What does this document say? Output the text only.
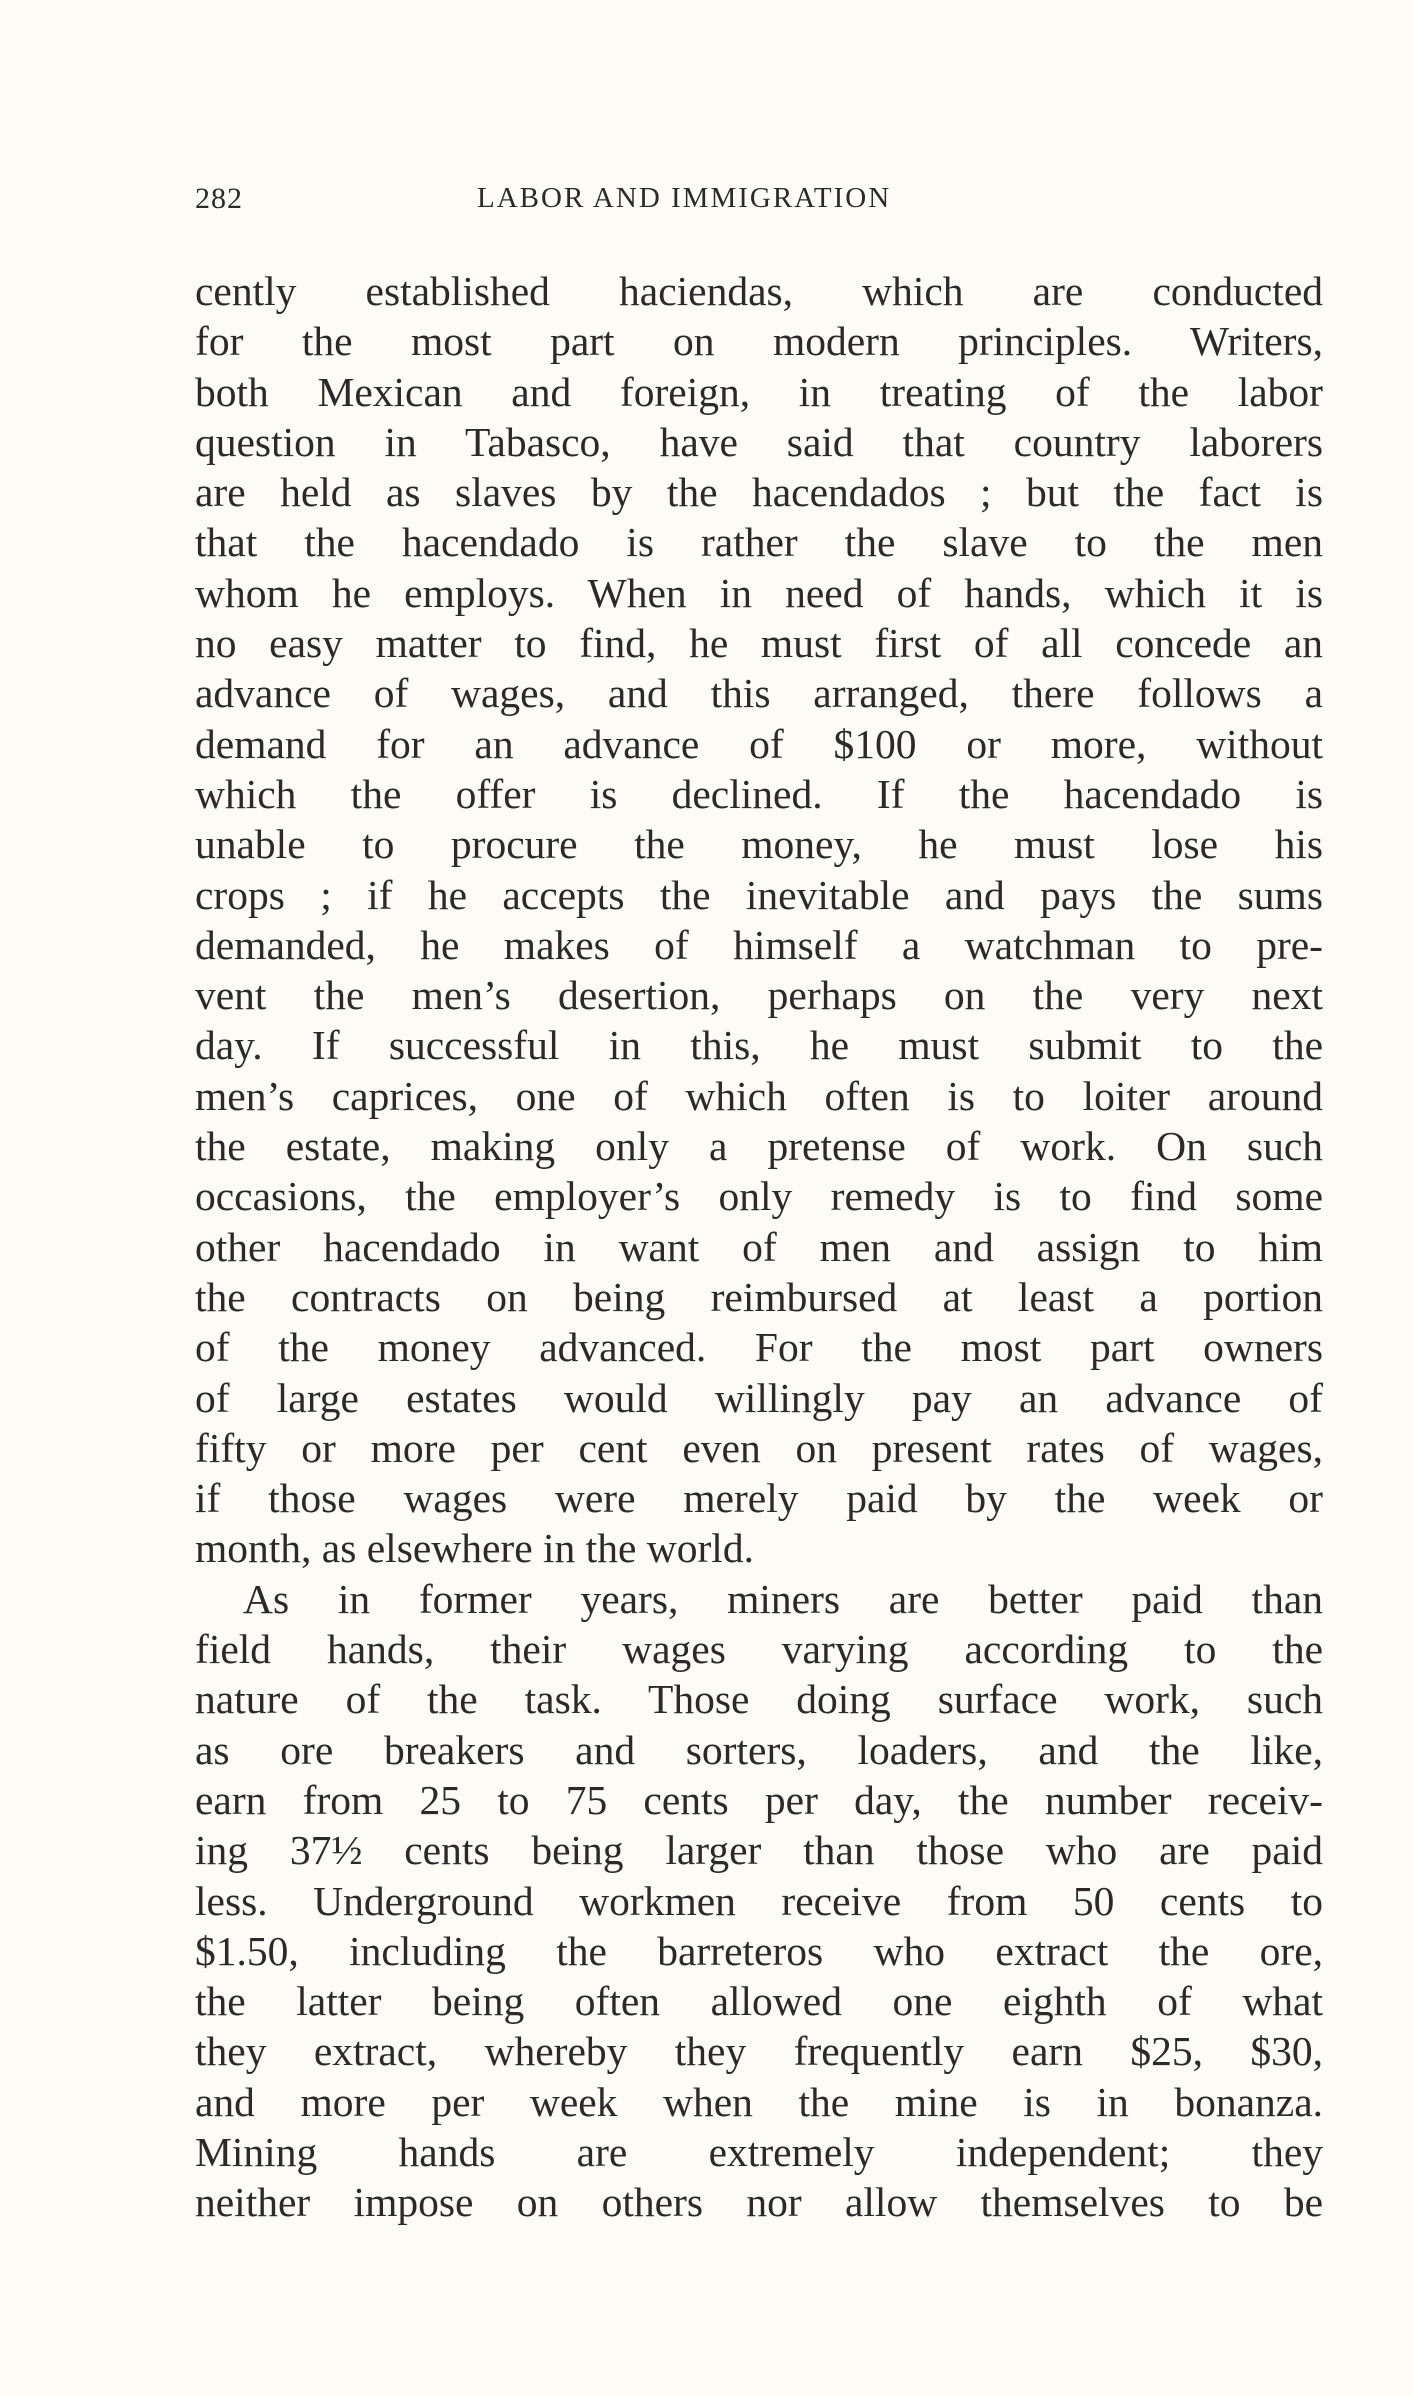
282	LABOR AND IMMIGRATION
cently established haciendas, which are conducted
for the most part on modern principles. Writers,
both Mexican and foreign, in treating of the labor
question in Tabasco, have said that country laborers
are held as slaves by the hacendados ; but the fact is
that the hacendado is rather the slave to the men
whom he employs. When in need of hands, which it is
no easy matter to find, he must first of all concede an
advance of wages, and this arranged, there follows a
demand for an advance of $100 or more, without
which the offer is declined. If the hacendado is
unable to procure the money, he must lose his
crops ; if he accepts the inevitable and pays the sums
demanded, he makes of himself a watchman to pre-
vent the men’s desertion, perhaps on the very next
day. If successful in this, he must submit to the
men’s caprices, one of which often is to loiter around
the estate, making only a pretense of work. On such
occasions, the employer’s only remedy is to find some
other hacendado in want of men and assign to him
the contracts on being reimbursed at least a portion
of the money advanced. For the most part owners
of large estates would willingly pay an advance of
fifty or more per cent even on present rates of wages,
if those wages were merely paid by the week or
month, as elsewhere in the world.
As in former years, miners are better paid than
field hands, their wages varying according to the
nature of the task. Those doing surface work, such
as ore breakers and sorters, loaders, and the like,
earn from 25 to 75 cents per day, the number receiv-
ing 37½ cents being larger than those who are paid
less. Underground workmen receive from 50 cents to
$1.50, including the barreteros who extract the ore,
the latter being often allowed one eighth of what
they extract, whereby they frequently earn $25, $30,
and more per week when the mine is in bonanza.
Mining hands are extremely independent; they
neither impose on others nor allow themselves to be
